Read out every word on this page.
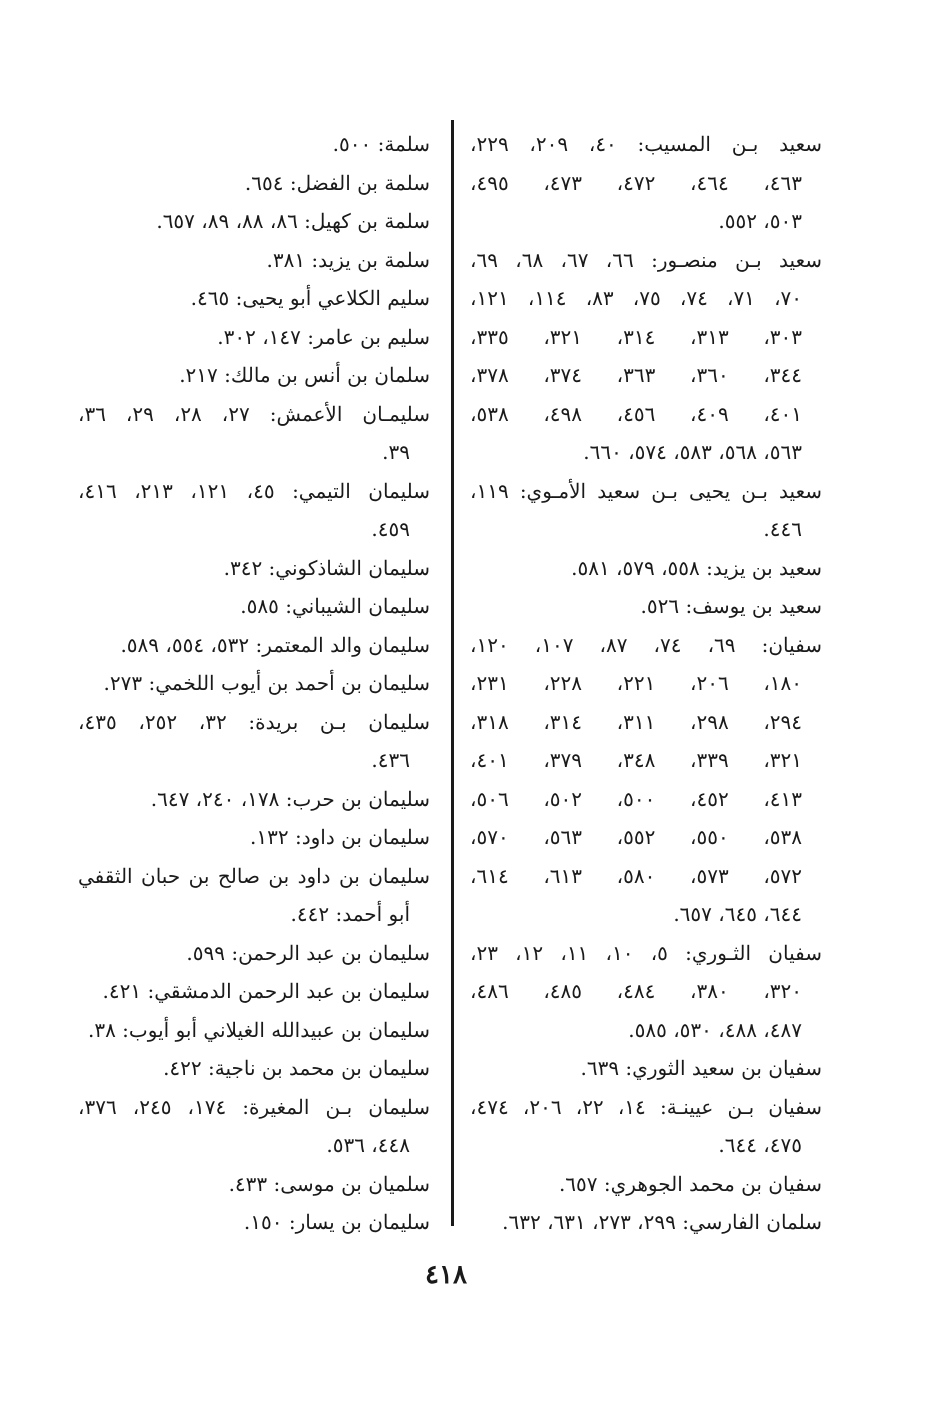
سعيد بـن المسيب: ٤٠، ٢٠٩، ٢٢٩،
٤٦٣، ٤٦٤، ٤٧٢، ٤٧٣، ٤٩٥،
٥٠٣، ٥٥٢.
سعيد بـن منصـور: ٦٦، ٦٧، ٦٨، ٦٩،
٧٠، ٧١، ٧٤، ٧٥، ٨٣، ١١٤، ١٢١،
٣٠٣، ٣١٣، ٣١٤، ٣٢١، ٣٣٥،
٣٤٤، ٣٦٠، ٣٦٣، ٣٧٤، ٣٧٨،
٤٠١، ٤٠٩، ٤٥٦، ٤٩٨، ٥٣٨،
٥٦٣، ٥٦٨، ٥٨٣، ٥٧٤، ٦٦٠.
سعيد بـن يحيى بـن سعيد الأمـوي: ١١٩،
٤٤٦.
سعيد بن يزيد: ٥٥٨، ٥٧٩، ٥٨١.
سعيد بن يوسف: ٥٢٦.
سفيان: ٦٩، ٧٤، ٨٧، ١٠٧، ١٢٠،
١٨٠، ٢٠٦، ٢٢١، ٢٢٨، ٢٣١،
٢٩٤، ٢٩٨، ٣١١، ٣١٤، ٣١٨،
٣٢١، ٣٣٩، ٣٤٨، ٣٧٩، ٤٠١،
٤١٣، ٤٥٢، ٥٠٠، ٥٠٢، ٥٠٦،
٥٣٨، ٥٥٠، ٥٥٢، ٥٦٣، ٥٧٠،
٥٧٢، ٥٧٣، ٥٨٠، ٦١٣، ٦١٤،
٦٤٤، ٦٤٥، ٦٥٧.
سفيان الثـوري: ٥، ١٠، ١١، ١٢، ٢٣،
٣٢٠، ٣٨٠، ٤٨٤، ٤٨٥، ٤٨٦،
٤٨٧، ٤٨٨، ٥٣٠، ٥٨٥.
سفيان بن سعيد الثوري: ٦٣٩.
سفيان بـن عيينـة: ١٤، ٢٢، ٢٠٦، ٤٧٤،
٤٧٥، ٦٤٤.
سفيان بن محمد الجوهري: ٦٥٧.
سلمان الفارسي: ٢٩٩، ٢٧٣، ٦٣١، ٦٣٢.
سلمة: ٥٠٠.
سلمة بن الفضل: ٦٥٤.
سلمة بن كهيل: ٨٦، ٨٨، ٨٩، ٦٥٧.
سلمة بن يزيد: ٣٨١.
سليم الكلاعي أبو يحيى: ٤٦٥.
سليم بن عامر: ١٤٧، ٣٠٢.
سلمان بن أنس بن مالك: ٢١٧.
سليمـان الأعمش: ٢٧، ٢٨، ٢٩، ٣٦،
٣٩.
سليمان التيمي: ٤٥، ١٢١، ٢١٣، ٤١٦،
٤٥٩.
سليمان الشاذكوني: ٣٤٢.
سليمان الشيباني: ٥٨٥.
سليمان والد المعتمر: ٥٣٢، ٥٥٤، ٥٨٩.
سليمان بن أحمد بن أيوب اللخمي: ٢٧٣.
سليمان بـن بريدة: ٣٢، ٢٥٢، ٤٣٥،
٤٣٦.
سليمان بن حرب: ١٧٨، ٢٤٠، ٦٤٧.
سليمان بن داود: ١٣٢.
سليمان بن داود بن صالح بن حبان الثقفي
أبو أحمد: ٤٤٢.
سليمان بن عبد الرحمن: ٥٩٩.
سليمان بن عبد الرحمن الدمشقي: ٤٢١.
سليمان بن عبيدالله الغيلاني أبو أيوب: ٣٨.
سليمان بن محمد بن ناجية: ٤٢٢.
سليمان بـن المغيرة: ١٧٤، ٢٤٥، ٣٧٦،
٤٤٨، ٥٣٦.
سلميان بن موسى: ٤٣٣.
سليمان بن يسار: ١٥٠.
٤١٨
